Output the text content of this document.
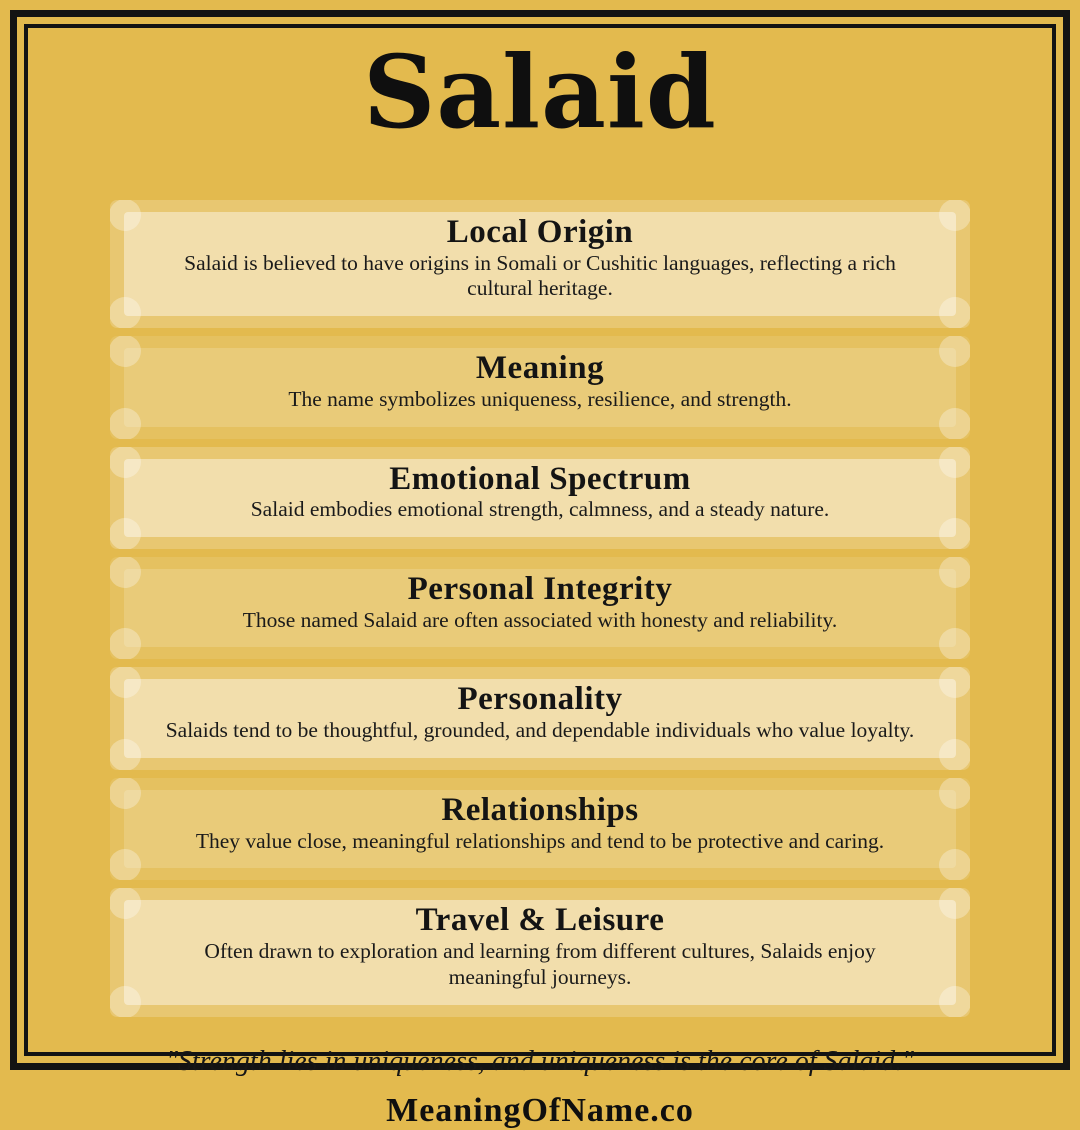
Salaid
Local Origin

Salaid is believed to have origins in Somali or Cushitic languages, reflecting a rich cultural heritage.

Meaning

The name symbolizes uniqueness, resilience, and strength.

Emotional Spectrum

Salaid embodies emotional strength, calmness, and a steady nature.

Personal Integrity

Those named Salaid are often associated with honesty and reliability.

Personality

Salaids tend to be thoughtful, grounded, and dependable individuals who value loyalty.

Relationships

They value close, meaningful relationships and tend to be protective and caring.

Travel & Leisure

Often drawn to exploration and learning from different cultures, Salaids enjoy meaningful journeys.

"Strength lies in uniqueness, and uniqueness is the core of Salaid."
MeaningOfName.co
